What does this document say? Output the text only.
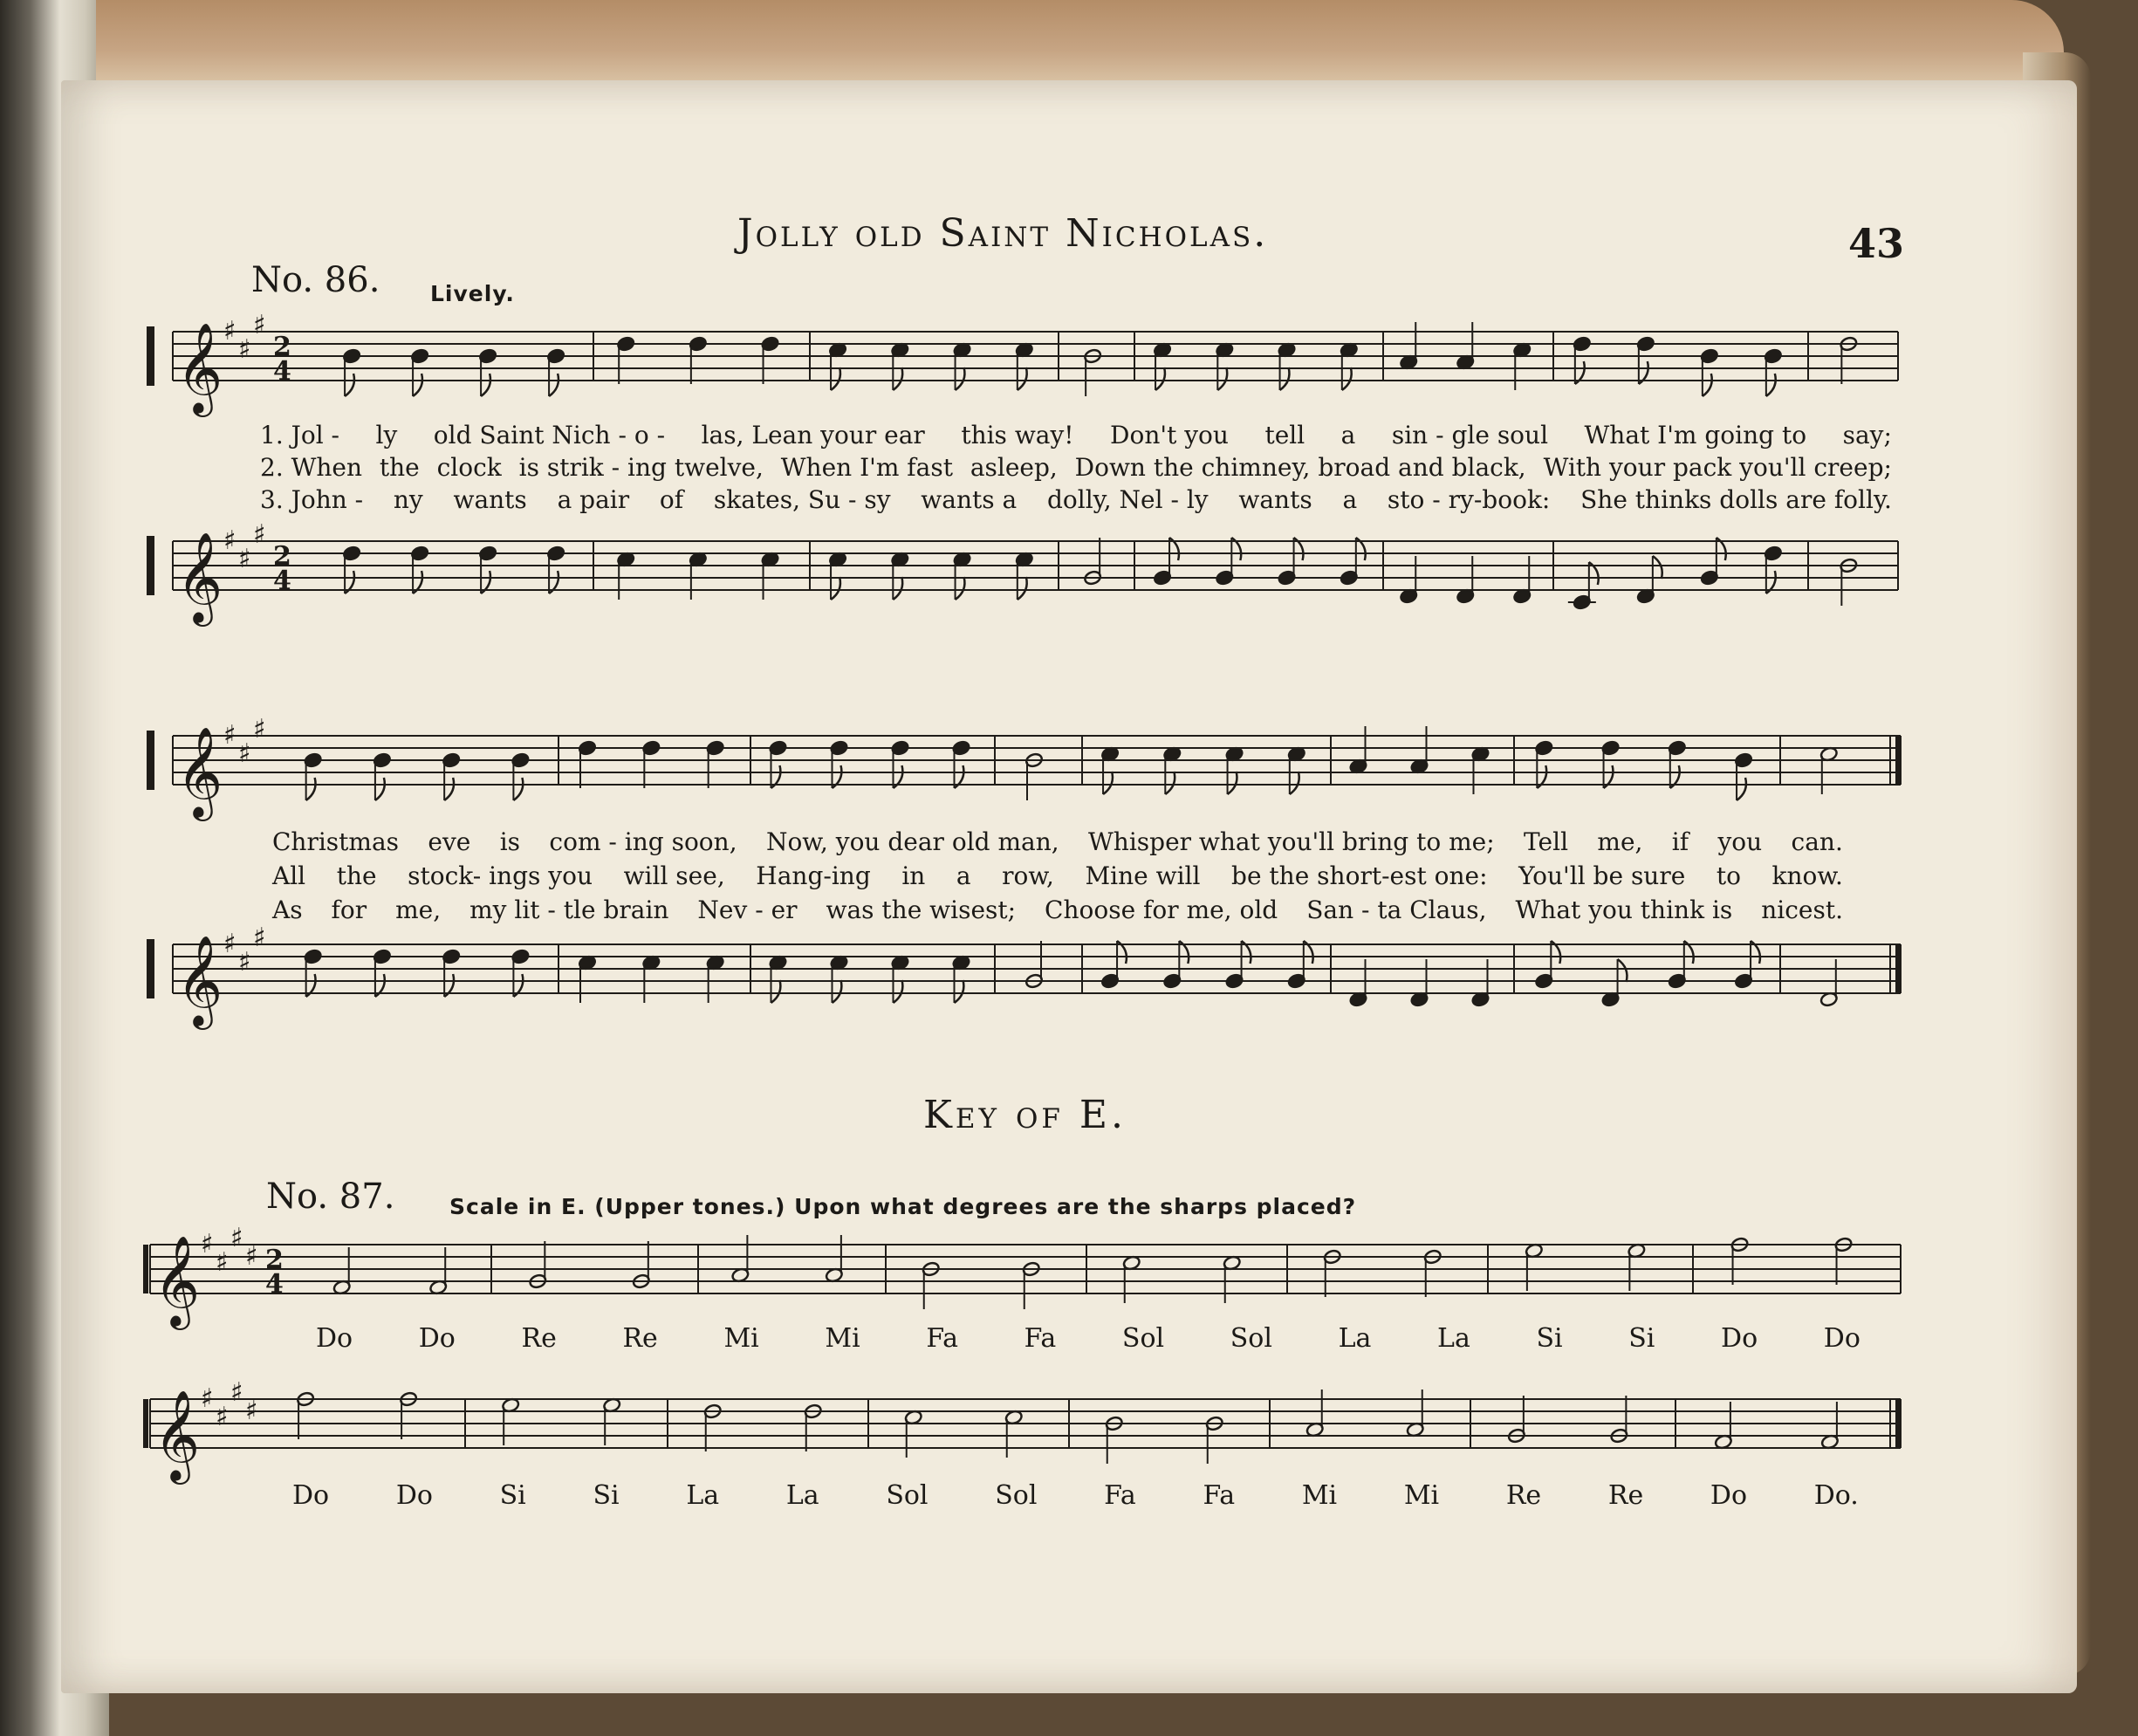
Jolly old Saint Nicholas.	43
No. 86. Lively.
1. Jol - ly old Saint Nich - o - las, Lean your ear this way! Don't you tell a sin - gle soul What I'm going to say;
2. When the clock is strik - ing twelve, When I'm fast asleep, Down the chimney, broad and black, With your pack you'll creep;
3. John - ny wants a pair of skates, Su - sy wants a dolly, Nel - ly wants a sto - ry-book: She thinks dolls are folly.
Christmas eve is com - ing soon, Now, you dear old man, Whisper what you'll bring to me; Tell me, if you can.
All the stock- ings you will see, Hang-ing in a row, Mine will be the short-est one: You'll be sure to know.
As for me, my lit - tle brain Nev - er was the wisest; Choose for me, old San - ta Claus, What you think is nicest.
Key of E.
No. 87.	Scale in E. (Upper tones.) Upon what degrees are the sharps placed?
Do	Do	Re	Re	Mi	Mi	Fa	Fa	Sol	Sol	La	La	Si	Si	Do	Do
Do	Do	Si	Si	La	La	Sol	Sol	Fa	Fa	Mi	Mi	Re	Re	Do	Do.
𝄞 ♯
♯
♯
2
4
𝄞 ♯
♯
♯
2
4
𝄞 ♯
♯
♯
𝄞 ♯
♯
♯
𝄞 ♯
♯
♯
♯ 2
4
𝄞 ♯
♯
♯
♯
